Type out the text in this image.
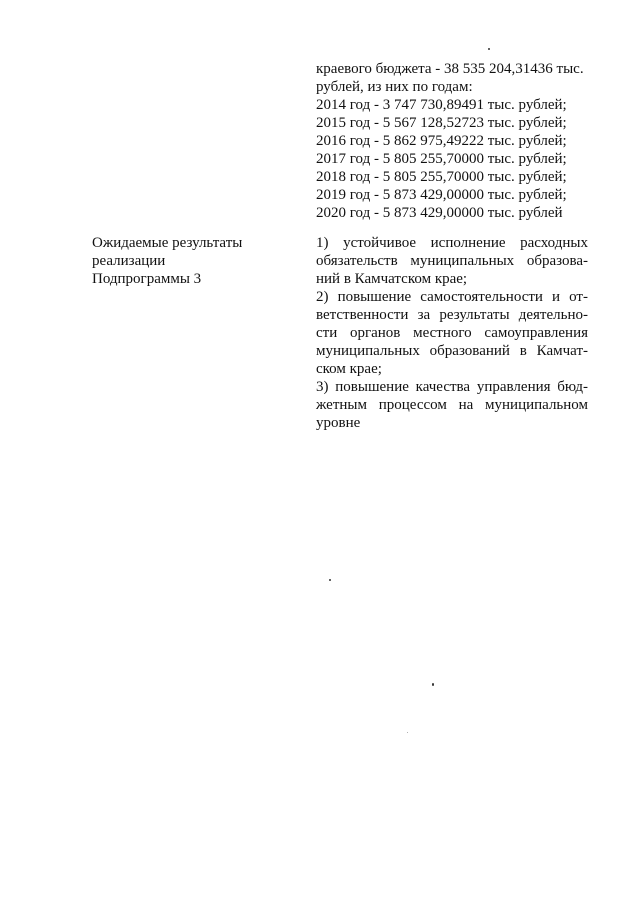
краевого бюджета - 38 535 204,31436 тыс.
рублей, из них по годам:
2014 год - 3 747 730,89491 тыс. рублей;
2015 год - 5 567 128,52723 тыс. рублей;
2016 год - 5 862 975,49222 тыс. рублей;
2017 год - 5 805 255,70000 тыс. рублей;
2018 год - 5 805 255,70000 тыс. рублей;
2019 год - 5 873 429,00000 тыс. рублей;
2020 год - 5 873 429,00000 тыс. рублей
Ожидаемые результаты
реализации
Подпрограммы 3

1) устойчивое исполнение расходных
обязательств муниципальных образова-
ний в Камчатском крае;

2) повышение самостоятельности и от-
ветственности за результаты деятельно-
сти органов местного самоуправления
муниципальных образований в Камчат-
ском крае;

3) повышение качества управления бюд-
жетным процессом на муниципальном
уровне
